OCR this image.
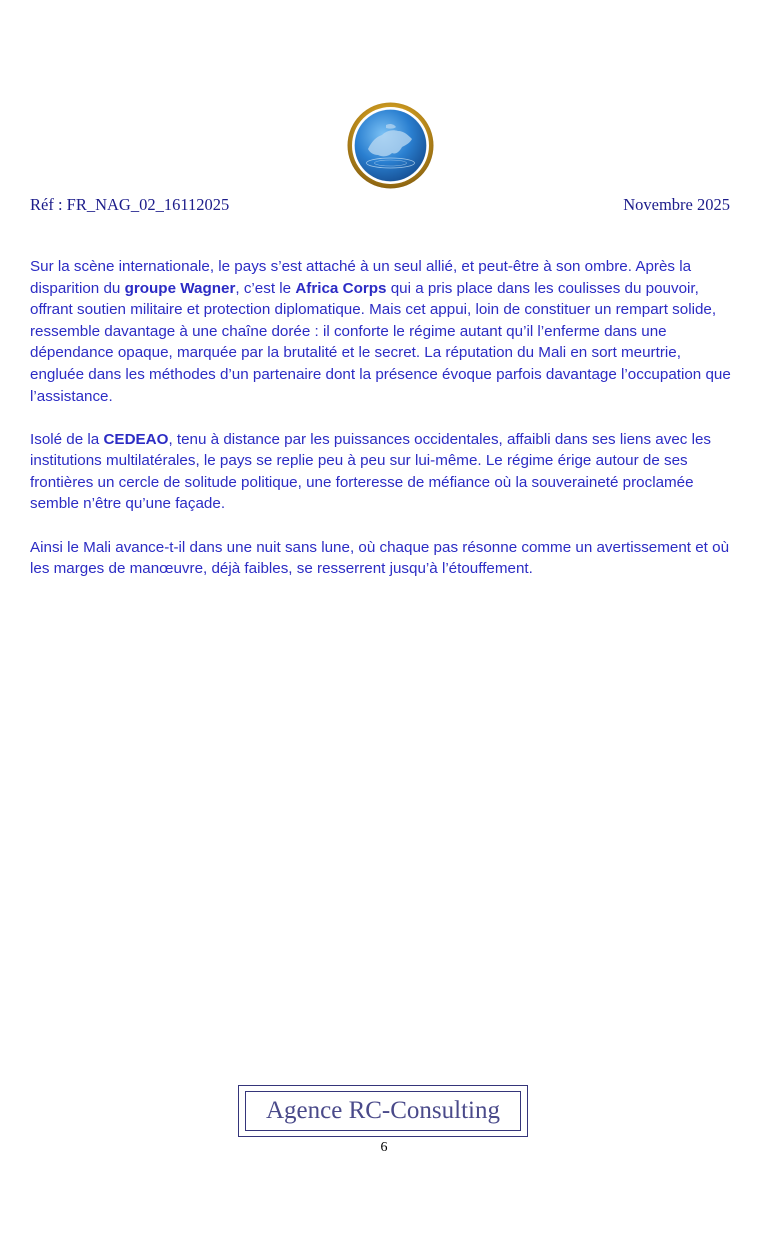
Réf : FR_NAG_02_16112025	Novembre 2025

Sur la scène internationale, le pays s’est attaché à un seul allié, et peut-être à son ombre. Après la disparition du groupe Wagner, c’est le Africa Corps qui a pris place dans les coulisses du pouvoir, offrant soutien militaire et protection diplomatique. Mais cet appui, loin de constituer un rempart solide, ressemble davantage à une chaîne dorée : il conforte le régime autant qu’il l’enferme dans une dépendance opaque, marquée par la brutalité et le secret. La réputation du Mali en sort meurtrie, engluée dans les méthodes d’un partenaire dont la présence évoque parfois davantage l’occupation que l’assistance.

Isolé de la CEDEAO, tenu à distance par les puissances occidentales, affaibli dans ses liens avec les institutions multilatérales, le pays se replie peu à peu sur lui-même. Le régime érige autour de ses frontières un cercle de solitude politique, une forteresse de méfiance où la souveraineté proclamée semble n’être qu’une façade.

Ainsi le Mali avance-t-il dans une nuit sans lune, où chaque pas résonne comme un avertissement et où les marges de manœuvre, déjà faibles, se resserrent jusqu’à l’étouffement.

Agence RC-Consulting
6
